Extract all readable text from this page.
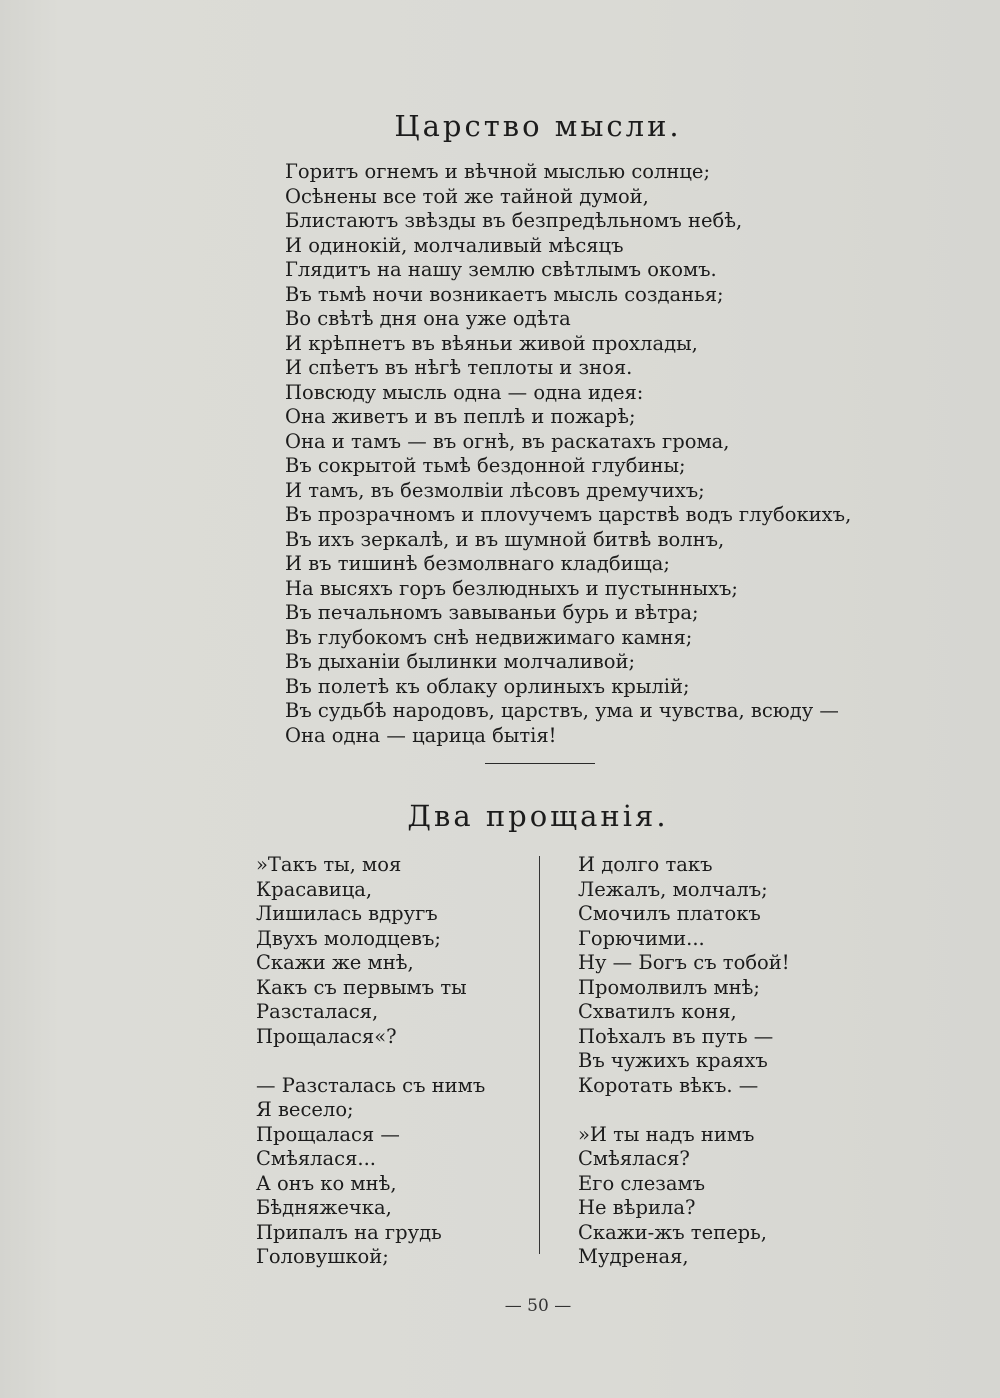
Царство мысли.
Горитъ огнемъ и вѣчной мыслью солнце;
Осѣнены все той же тайной думой,
Блистаютъ звѣзды въ безпредѣльномъ небѣ,
И одинокій, молчаливый мѣсяцъ
Глядитъ на нашу землю свѣтлымъ окомъ.
Въ тьмѣ ночи возникаетъ мысль созданья;
Во свѣтѣ дня она уже одѣта
И крѣпнетъ въ вѣяньи живой прохлады,
И спѣетъ въ нѣгѣ теплоты и зноя.
Повсюду мысль одна — одна идея:
Она живетъ и въ пеплѣ и пожарѣ;
Она и тамъ — въ огнѣ, въ раскатахъ грома,
Въ сокрытой тьмѣ бездонной глубины;
И тамъ, въ безмолвіи лѣсовъ дремучихъ;
Въ прозрачномъ и плovучемъ царствѣ водъ глубокихъ,
Въ ихъ зеркалѣ, и въ шумной битвѣ волнъ,
И въ тишинѣ безмолвнаго кладбища;
На высяхъ горъ безлюдныхъ и пустынныхъ;
Въ печальномъ завываньи бурь и вѣтра;
Въ глубокомъ снѣ недвижимаго камня;
Въ дыханіи былинки молчаливой;
Въ полетѣ къ облаку орлиныхъ крылій;
Въ судьбѣ народовъ, царствъ, ума и чувства, всюду —
Она одна — царица бытія!
Два прощанія.
»Такъ ты, моя
Красавица,
Лишилась вдругъ
Двухъ молодцевъ;
Скажи же мнѣ,
Какъ съ первымъ ты
Разсталася,
Прощалася«?
— Разсталась съ нимъ
Я весело;
Прощалася —
Смѣялася...
А онъ ко мнѣ,
Бѣдняжечка,
Припалъ на грудь
Головушкой;
И долго такъ
Лежалъ, молчалъ;
Смочилъ платокъ
Горючими...
Ну — Богъ съ тобой!
Промолвилъ мнѣ;
Схватилъ коня,
Поѣхалъ въ путь —
Въ чужихъ краяхъ
Коротать вѣкъ. —
»И ты надъ нимъ
Смѣялася?
Его слезамъ
Не вѣрила?
Скажи-жъ теперь,
Мудреная,
— 50 —
